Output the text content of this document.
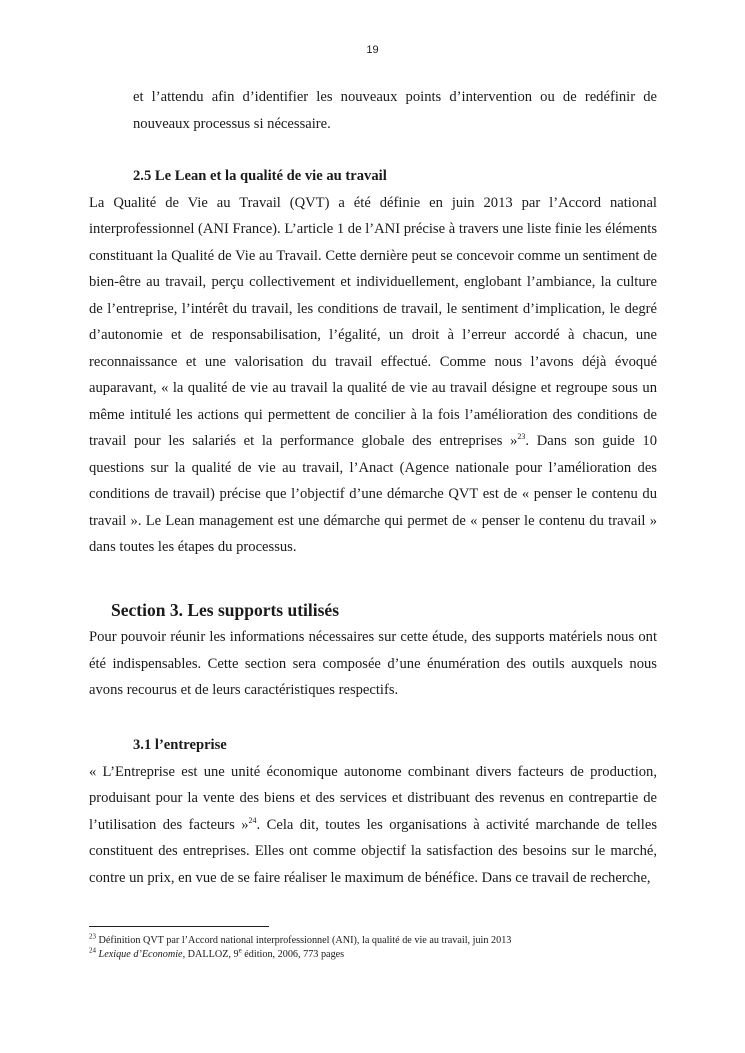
19

et l’attendu afin d’identifier les nouveaux points d’intervention ou de redéfinir de nouveaux processus si nécessaire.

2.5 Le Lean et la qualité de vie au travail

La Qualité de Vie au Travail (QVT) a été définie en juin 2013 par l’Accord national interprofessionnel (ANI France). L’article 1 de l’ANI précise à travers une liste finie les éléments constituant la Qualité de Vie au Travail. Cette dernière peut se concevoir comme un sentiment de bien-être au travail, perçu collectivement et individuellement, englobant l’ambiance, la culture de l’entreprise, l’intérêt du travail, les conditions de travail, le sentiment d’implication, le degré d’autonomie et de responsabilisation, l’égalité, un droit à l’erreur accordé à chacun, une reconnaissance et une valorisation du travail effectué. Comme nous l’avons déjà évoqué auparavant, « la qualité de vie au travail la qualité de vie au travail désigne et regroupe sous un même intitulé les actions qui permettent de concilier à la fois l’amélioration des conditions de travail pour les salariés et la performance globale des entreprises »$^{23}$. Dans son guide 10 questions sur la qualité de vie au travail, l’Anact (Agence nationale pour l’amélioration des conditions de travail) précise que l’objectif d’une démarche QVT est de « penser le contenu du travail ». Le Lean management est une démarche qui permet de « penser le contenu du travail » dans toutes les étapes du processus.

Section 3. Les supports utilisés

Pour pouvoir réunir les informations nécessaires sur cette étude, des supports matériels nous ont été indispensables. Cette section sera composée d’une énumération des outils auxquels nous avons recourus et de leurs caractéristiques respectifs.

3.1 l’entreprise

« L’Entreprise est une unité économique autonome combinant divers facteurs de production, produisant pour la vente des biens et des services et distribuant des revenus en contrepartie de l’utilisation des facteurs »$^{24}$. Cela dit, toutes les organisations à activité marchande de telles constituent des entreprises. Elles ont comme objectif la satisfaction des besoins sur le marché, contre un prix, en vue de se faire réaliser le maximum de bénéfice. Dans ce travail de recherche,

$^{23}$ Définition QVT par l’Accord national interprofessionnel (ANI), la qualité de vie au travail, juin 2013

$^{24}$ Lexique d’Economie, DALLOZ, 9e édition, 2006, 773 pages
